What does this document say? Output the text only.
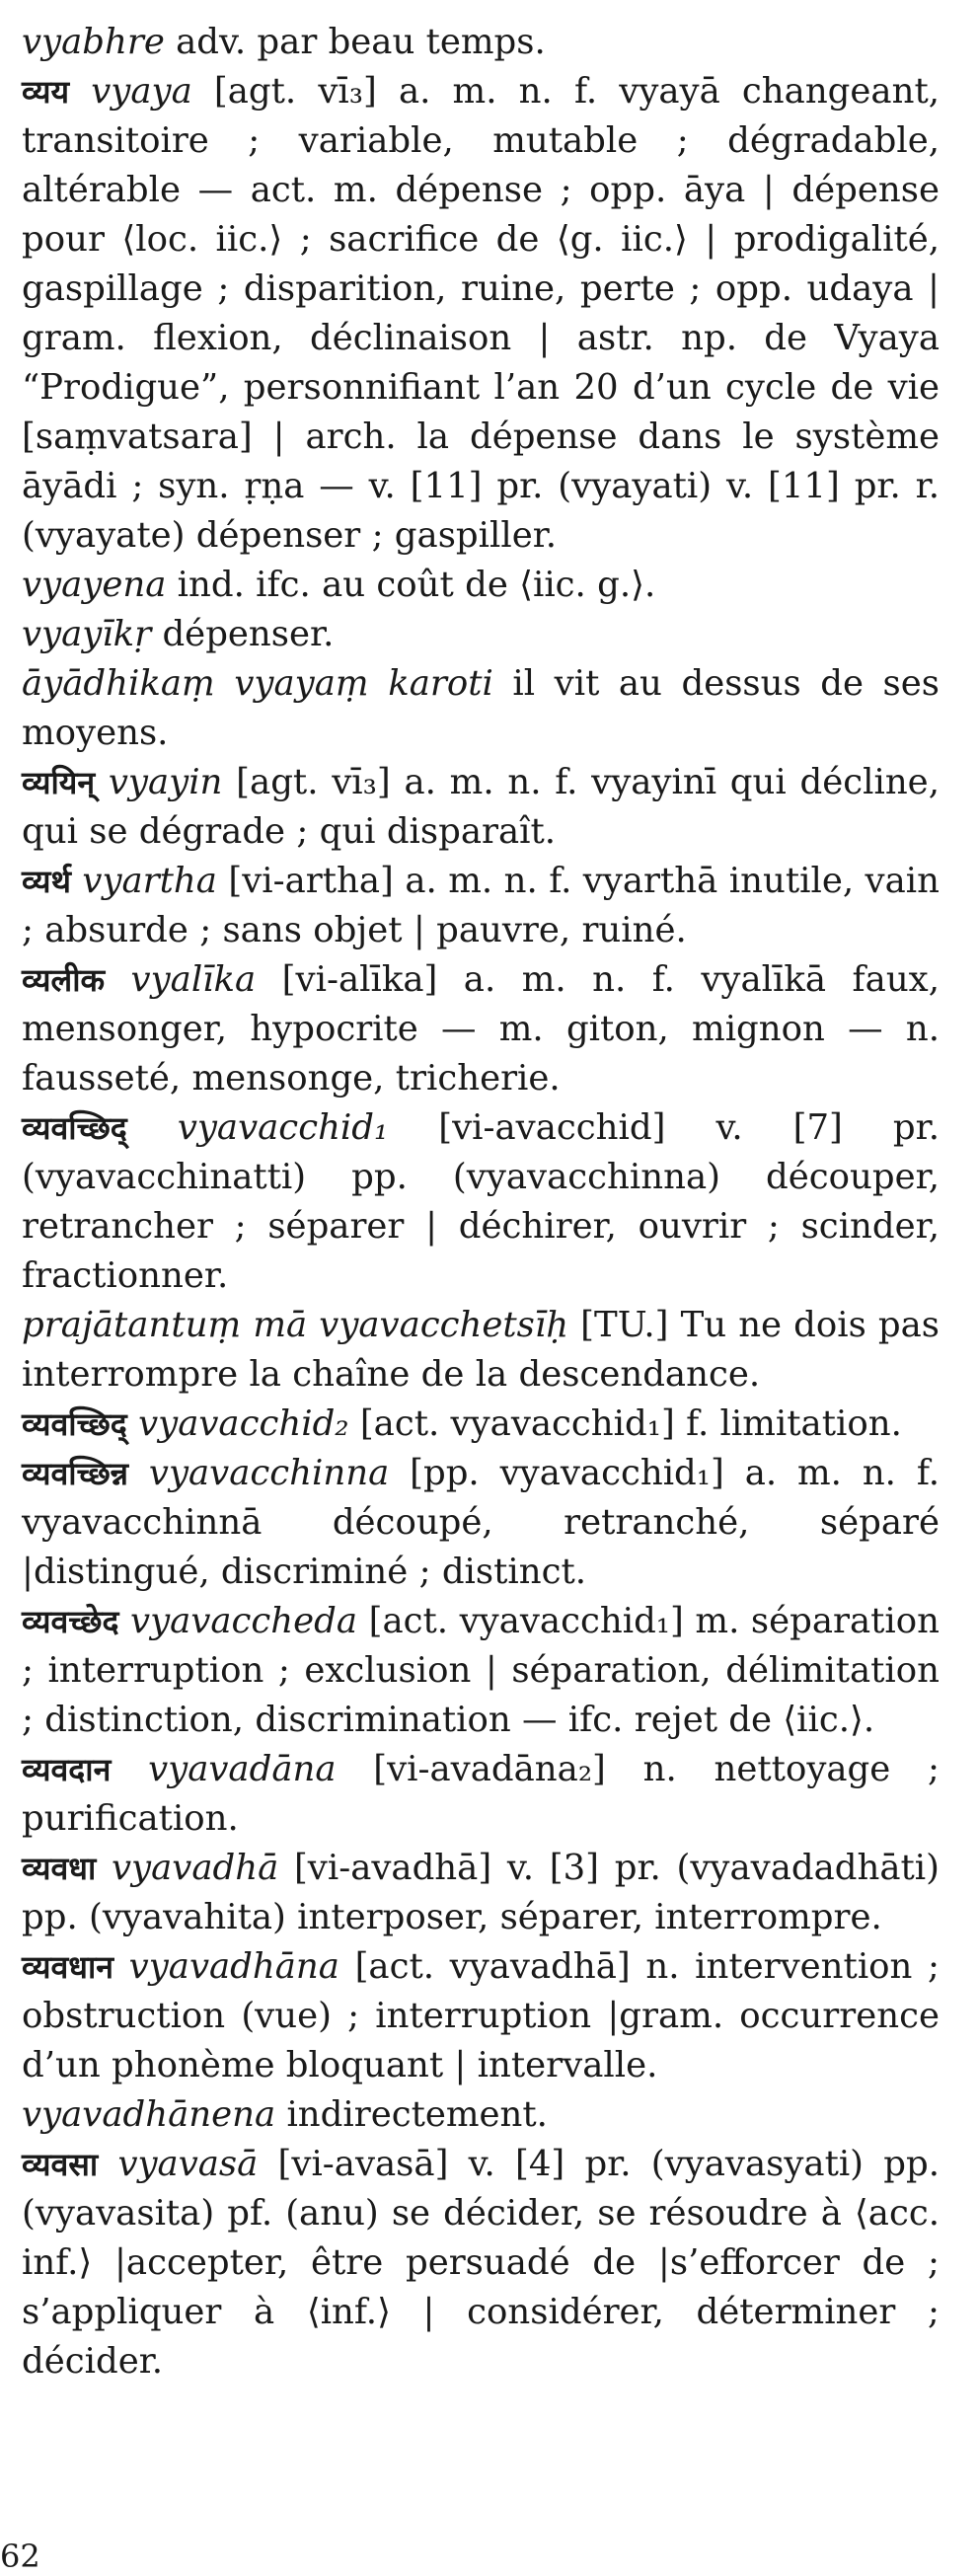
vyabhre adv. par beau temps.

व्यय vyaya [agt. vī₃] a. m. n. f. vyayā changeant, transitoire ; variable, mutable ; dégradable, altérable — act. m. dépense ; opp. āya | dépense pour ⟨loc. iic.⟩ ; sacrifice de ⟨g. iic.⟩ | prodigalité, gaspillage ; disparition, ruine, perte ; opp. udaya | gram. flexion, déclinaison | astr. np. de Vyaya “Prodigue”, personnifiant l’an 20 d’un cycle de vie [saṃvatsara] | arch. la dépense dans le système āyādi ; syn. ṛṇa — v. [11] pr. (vyayati) v. [11] pr. r. (vyayate) dépenser ; gaspiller.

vyayena ind. ifc. au coût de ⟨iic. g.⟩.

vyayīkṛ dépenser.

āyādhikaṃ vyayaṃ karoti il vit au dessus de ses moyens.

व्ययिन् vyayin [agt. vī₃] a. m. n. f. vyayinī qui décline, qui se dégrade ; qui disparaît.

व्यर्थ vyartha [vi-artha] a. m. n. f. vyarthā inutile, vain ; absurde ; sans objet | pauvre, ruiné.

व्यलीक vyalīka [vi-alīka] a. m. n. f. vyalīkā faux, mensonger, hypocrite — m. giton, mignon — n. fausseté, mensonge, tricherie.

व्यवच्छिद् vyavacchid₁ [vi-avacchid] v. [7] pr. (vyavacchinatti) pp. (vyavacchinna) découper, retrancher ; séparer | déchirer, ouvrir ; scinder, fractionner.

prajātantuṃ mā vyavacchetsīḥ [TU.] Tu ne dois pas interrompre la chaîne de la descendance.

व्यवच्छिद् vyavacchid₂ [act. vyavacchid₁] f. limitation.

व्यवच्छिन्न vyavacchinna [pp. vyavacchid₁] a. m. n. f. vyavacchinnā découpé, retranché, séparé |distingué, discriminé ; distinct.

व्यवच्छेद vyavaccheda [act. vyavacchid₁] m. séparation ; interruption ; exclusion | séparation, délimitation ; distinction, discrimination — ifc. rejet de ⟨iic.⟩.

व्यवदान vyavadāna [vi-avadāna₂] n. nettoyage ; purification.

व्यवधा vyavadhā [vi-avadhā] v. [3] pr. (vyavadadhāti) pp. (vyavahita) interposer, séparer, interrompre.

व्यवधान vyavadhāna [act. vyavadhā] n. intervention ; obstruction (vue) ; interruption |gram. occurrence d’un phonème bloquant | intervalle.

vyavadhānena indirectement.

व्यवसा vyavasā [vi-avasā] v. [4] pr. (vyavasyati) pp. (vyavasita) pf. (anu) se décider, se résoudre à ⟨acc. inf.⟩ |accepter, être persuadé de |s’efforcer de ; s’appliquer à ⟨inf.⟩ | considérer, déterminer ; décider.

62
